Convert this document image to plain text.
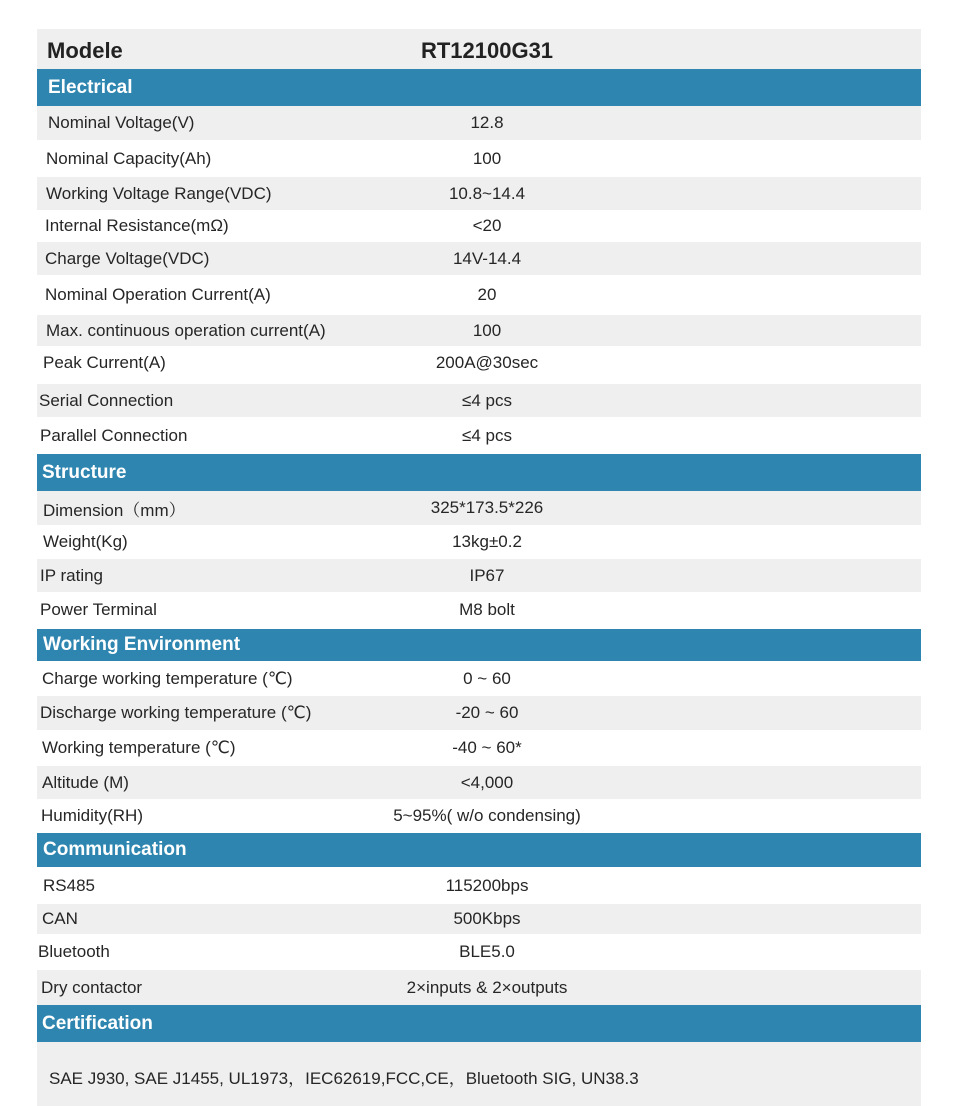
Modele	RT12100G31
Electrical
Nominal Voltage(V)	12.8
Nominal Capacity(Ah)	100
Working Voltage Range(VDC)	10.8~14.4
Internal Resistance(mΩ)	<20
Charge Voltage(VDC)	14V-14.4
Nominal Operation Current(A)	20
Max. continuous operation current(A)	100
Peak Current(A)	200A@30sec
Serial Connection	≤4 pcs
Parallel Connection	≤4 pcs
Structure
Dimension（mm）	325*173.5*226
Weight(Kg)	13kg±0.2
IP rating	IP67
Power Terminal	M8 bolt
Working Environment
Charge working temperature (℃)	0 ~ 60
Discharge working temperature (℃)	-20 ~ 60
Working temperature (℃)	-40 ~ 60*
Altitude (M)	<4,000
Humidity(RH)	5~95%( w/o condensing)
Communication
RS485	115200bps
CAN	500Kbps
Bluetooth	BLE5.0
Dry contactor	2×inputs & 2×outputs
Certification
SAE J930, SAE J1455, UL1973，IEC62619,FCC,CE，Bluetooth SIG, UN38.3
